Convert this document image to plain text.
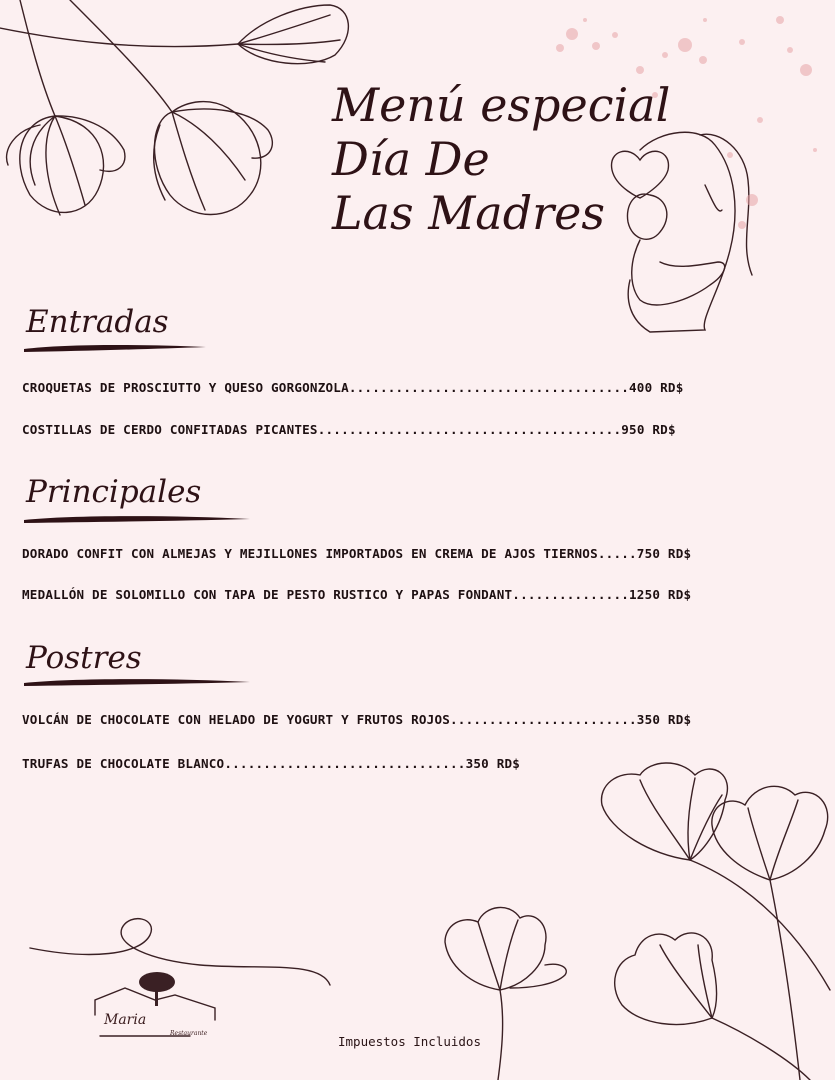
Menú especial
Día De
Las Madres
Entradas
CROQUETAS DE PROSCIUTTO Y QUESO GORGONZOLA....................................400 RD$
COSTILLAS DE CERDO CONFITADAS PICANTES.......................................950 RD$
Principales
DORADO CONFIT CON ALMEJAS Y MEJILLONES IMPORTADOS EN CREMA DE AJOS TIERNOS.....750 RD$
MEDALLÓN DE SOLOMILLO CON TAPA DE PESTO RUSTICO Y PAPAS FONDANT...............1250 RD$
Postres
VOLCÁN DE CHOCOLATE CON HELADO DE YOGURT Y FRUTOS ROJOS........................350 RD$
TRUFAS DE CHOCOLATE BLANCO...............................350 RD$
Maria
Restaurante
Impuestos Incluidos
